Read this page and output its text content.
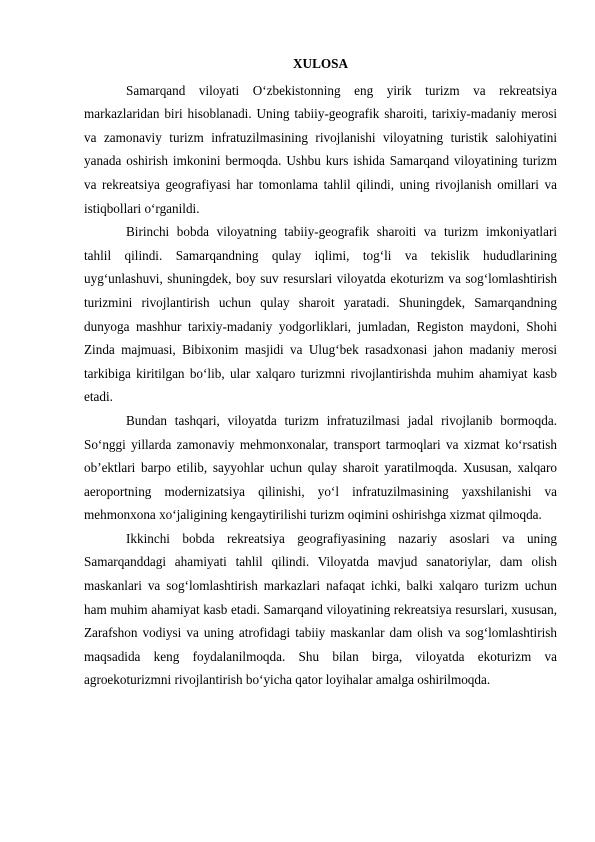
XULOSA

Samarqand viloyati O‘zbekistonning eng yirik turizm va rekreatsiya markazlaridan biri hisoblanadi. Uning tabiiy-geografik sharoiti, tarixiy-madaniy merosi va zamonaviy turizm infratuzilmasining rivojlanishi viloyatning turistik salohiyatini yanada oshirish imkonini bermoqda. Ushbu kurs ishida Samarqand viloyatining turizm va rekreatsiya geografiyasi har tomonlama tahlil qilindi, uning rivojlanish omillari va istiqbollari o‘rganildi.

Birinchi bobda viloyatning tabiiy-geografik sharoiti va turizm imkoniyatlari tahlil qilindi. Samarqandning qulay iqlimi, tog‘li va tekislik hududlarining uyg‘unlashuvi, shuningdek, boy suv resurslari viloyatda ekoturizm va sog‘lomlashtirish turizmini rivojlantirish uchun qulay sharoit yaratadi. Shuningdek, Samarqandning dunyoga mashhur tarixiy-madaniy yodgorliklari, jumladan, Registon maydoni, Shohi Zinda majmuasi, Bibixonim masjidi va Ulug‘bek rasadxonasi jahon madaniy merosi tarkibiga kiritilgan bo‘lib, ular xalqaro turizmni rivojlantirishda muhim ahamiyat kasb etadi.

Bundan tashqari, viloyatda turizm infratuzilmasi jadal rivojlanib bormoqda. So‘nggi yillarda zamonaviy mehmonxonalar, transport tarmoqlari va xizmat ko‘rsatish ob’ektlari barpo etilib, sayyohlar uchun qulay sharoit yaratilmoqda. Xususan, xalqaro aeroportning modernizatsiya qilinishi, yo‘l infratuzilmasining yaxshilanishi va mehmonxona xo‘jaligining kengaytirilishi turizm oqimini oshirishga xizmat qilmoqda.

Ikkinchi bobda rekreatsiya geografiyasining nazariy asoslari va uning Samarqanddagi ahamiyati tahlil qilindi. Viloyatda mavjud sanatoriylar, dam olish maskanlari va sog‘lomlashtirish markazlari nafaqat ichki, balki xalqaro turizm uchun ham muhim ahamiyat kasb etadi. Samarqand viloyatining rekreatsiya resurslari, xususan, Zarafshon vodiysi va uning atrofidagi tabiiy maskanlar dam olish va sog‘lomlashtirish maqsadida keng foydalanilmoqda. Shu bilan birga, viloyatda ekoturizm va agroekoturizmni rivojlantirish bo‘yicha qator loyihalar amalga oshirilmoqda.
